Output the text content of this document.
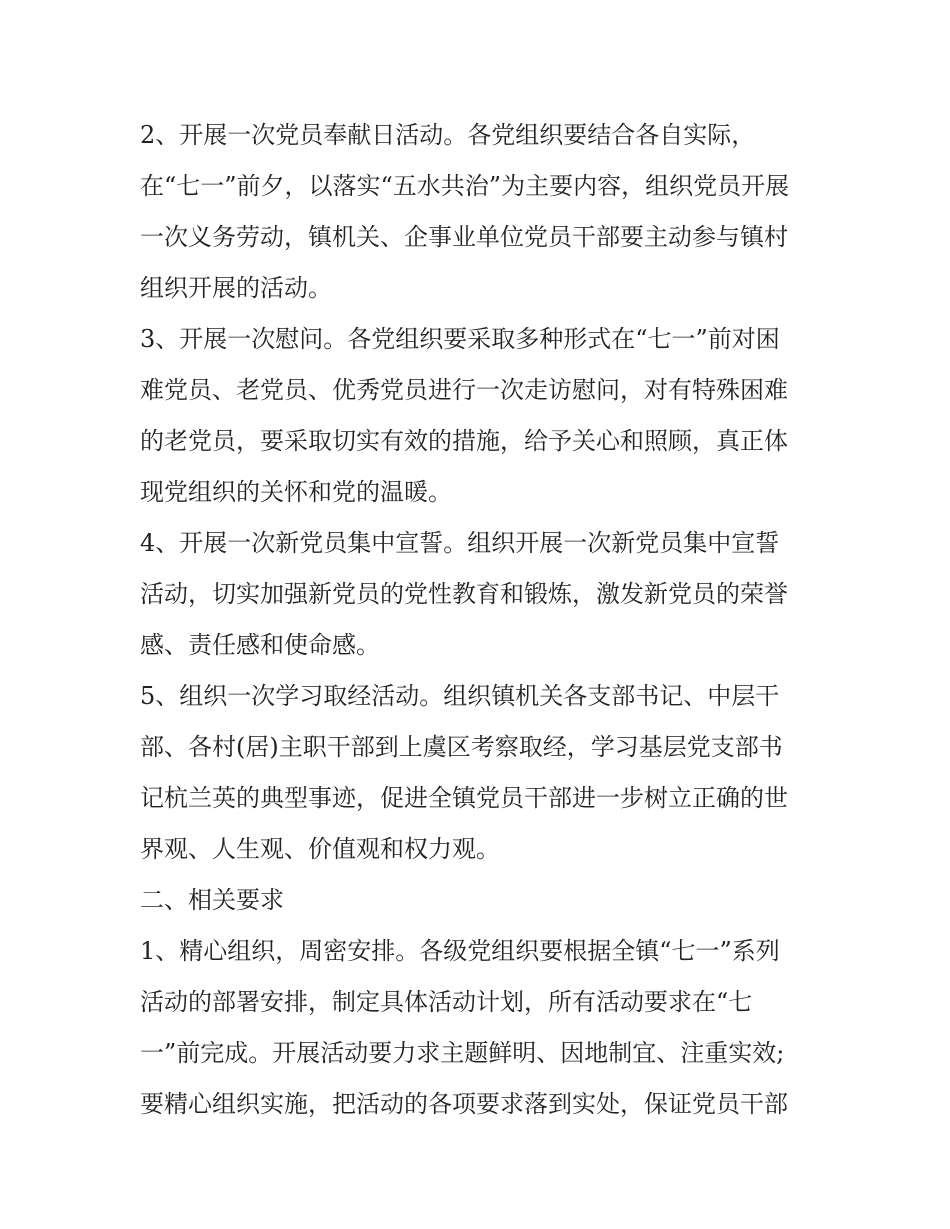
2、开展一次党员奉献日活动。各党组织要结合各自实际，
在“七一”前夕，以落实“五水共治”为主要内容，组织党员开展
一次义务劳动，镇机关、企事业单位党员干部要主动参与镇村
组织开展的活动。
3、开展一次慰问。各党组织要采取多种形式在“七一”前对困
难党员、老党员、优秀党员进行一次走访慰问，对有特殊困难
的老党员，要采取切实有效的措施，给予关心和照顾，真正体
现党组织的关怀和党的温暖。
4、开展一次新党员集中宣誓。组织开展一次新党员集中宣誓
活动，切实加强新党员的党性教育和锻炼，激发新党员的荣誉
感、责任感和使命感。
5、组织一次学习取经活动。组织镇机关各支部书记、中层干
部、各村(居)主职干部到上虞区考察取经，学习基层党支部书
记杭兰英的典型事迹，促进全镇党员干部进一步树立正确的世
界观、人生观、价值观和权力观。
二、相关要求
1、精心组织，周密安排。各级党组织要根据全镇“七一”系列
活动的部署安排，制定具体活动计划，所有活动要求在“七
一”前完成。开展活动要力求主题鲜明、因地制宜、注重实效;
要精心组织实施，把活动的各项要求落到实处，保证党员干部
